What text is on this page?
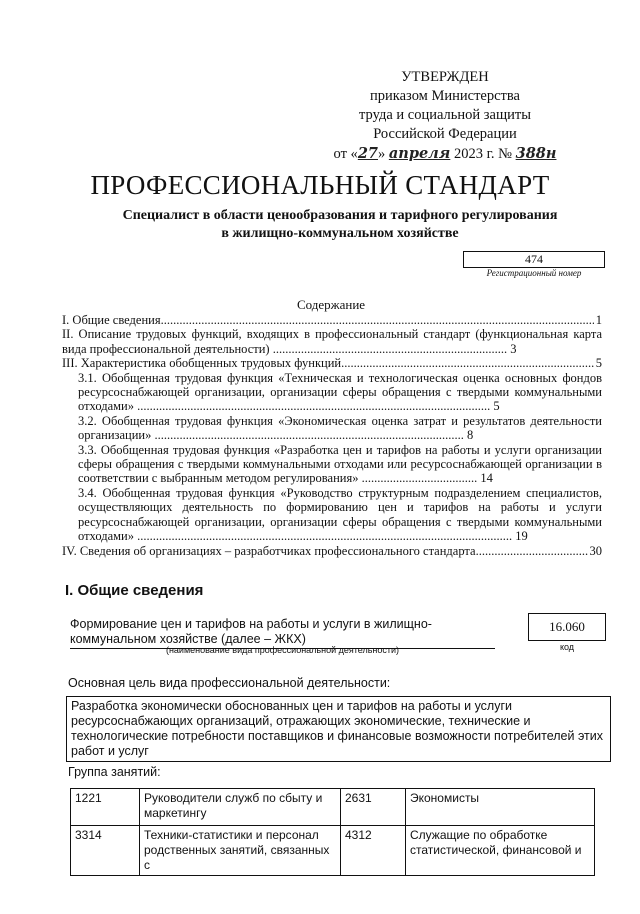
УТВЕРЖДЕН
приказом Министерства
труда и социальной защиты
Российской Федерации
от «27» апреля 2023 г. № 388н
ПРОФЕССИОНАЛЬНЫЙ СТАНДАРТ
Специалист в области ценообразования и тарифного регулирования
в жилищно-коммунальном хозяйстве
474
Регистрационный номер
Содержание
I. Общие сведения .....	1
II. Описание трудовых функций, входящих в профессиональный стандарт (функциональная карта вида профессиональной деятельности) ........................................................................... 3
III. Характеристика обобщенных трудовых функций .....	5
3.1. Обобщенная трудовая функция «Техническая и технологическая оценка основных фондов ресурсоснабжающей организации, организации сферы обращения с твердыми коммунальными отходами» ................................................................................................................. 5
3.2. Обобщенная трудовая функция «Экономическая оценка затрат и результатов деятельности организации» ................................................................................................... 8
3.3. Обобщенная трудовая функция «Разработка цен и тарифов на работы и услуги организации сферы обращения с твердыми коммунальными отходами или ресурсоснабжающей организации в соответствии с выбранным методом регулирования» ..................................... 14
3.4. Обобщенная трудовая функция «Руководство структурным подразделением специалистов, осуществляющих деятельность по формированию цен и тарифов на работы и услуги ресурсоснабжающей организации, организации сферы обращения с твердыми коммунальными отходами» ........................................................................................................................ 19
IV. Сведения об организациях – разработчиках профессионального стандарта .....	30
I. Общие сведения
Формирование цен и тарифов на работы и услуги в жилищно-коммунальном хозяйстве (далее – ЖКХ)
(наименование вида профессиональной деятельности)
16.060
код
Основная цель вида профессиональной деятельности:
Разработка экономически обоснованных цен и тарифов на работы и услуги ресурсоснабжающих организаций, отражающих экономические, технические и технологические потребности поставщиков и финансовые возможности потребителей этих работ и услуг
Группа занятий:
1221	Руководители служб по сбыту и маркетингу	2631	Экономисты
3314	Техники-статистики и персонал родственных занятий, связанных с	4312	Служащие по обработке статистической, финансовой и
